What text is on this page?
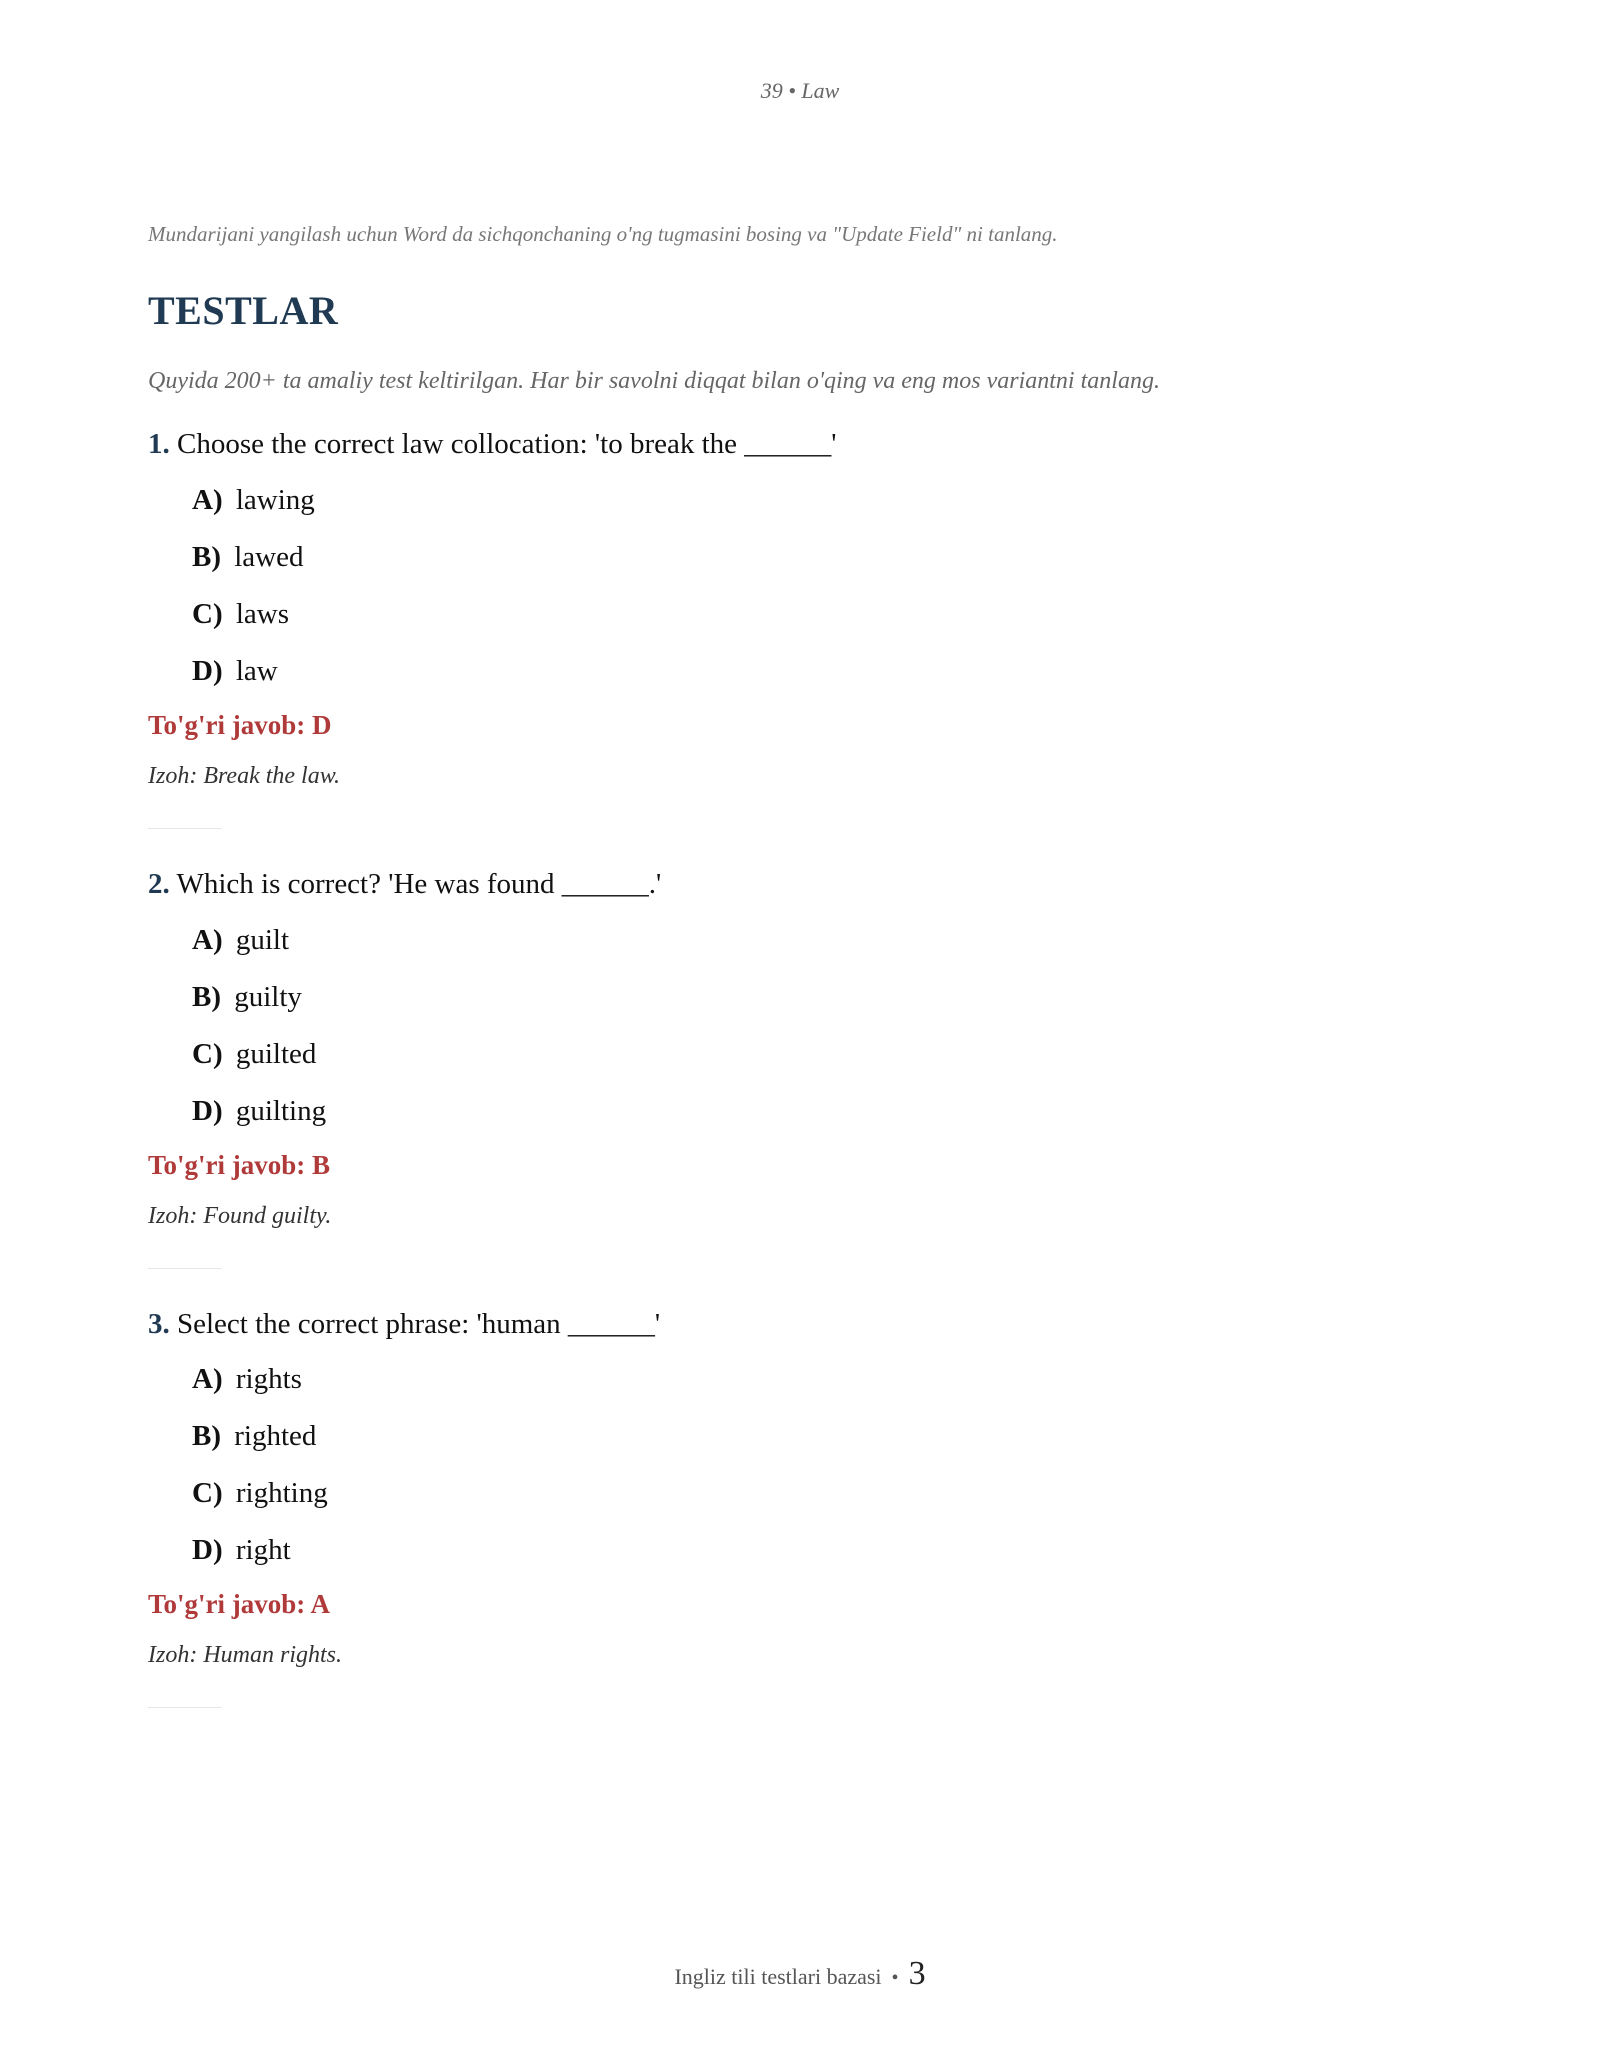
39 • Law

Mundarijani yangilash uchun Word da sichqonchaning o'ng tugmasini bosing va "Update Field" ni tanlang.

TESTLAR

Quyida 200+ ta amaliy test keltirilgan. Har bir savolni diqqat bilan o'qing va eng mos variantni tanlang.

1. Choose the correct law collocation: 'to break the ______'

A) lawing
B) lawed
C) laws
D) law

To'g'ri javob: D

Izoh: Break the law.

2. Which is correct? 'He was found ______.'

A) guilt
B) guilty
C) guilted
D) guilting

To'g'ri javob: B

Izoh: Found guilty.

3. Select the correct phrase: 'human ______'

A) rights
B) righted
C) righting
D) right

To'g'ri javob: A

Izoh: Human rights.

Ingliz tili testlari bazasi • 3
